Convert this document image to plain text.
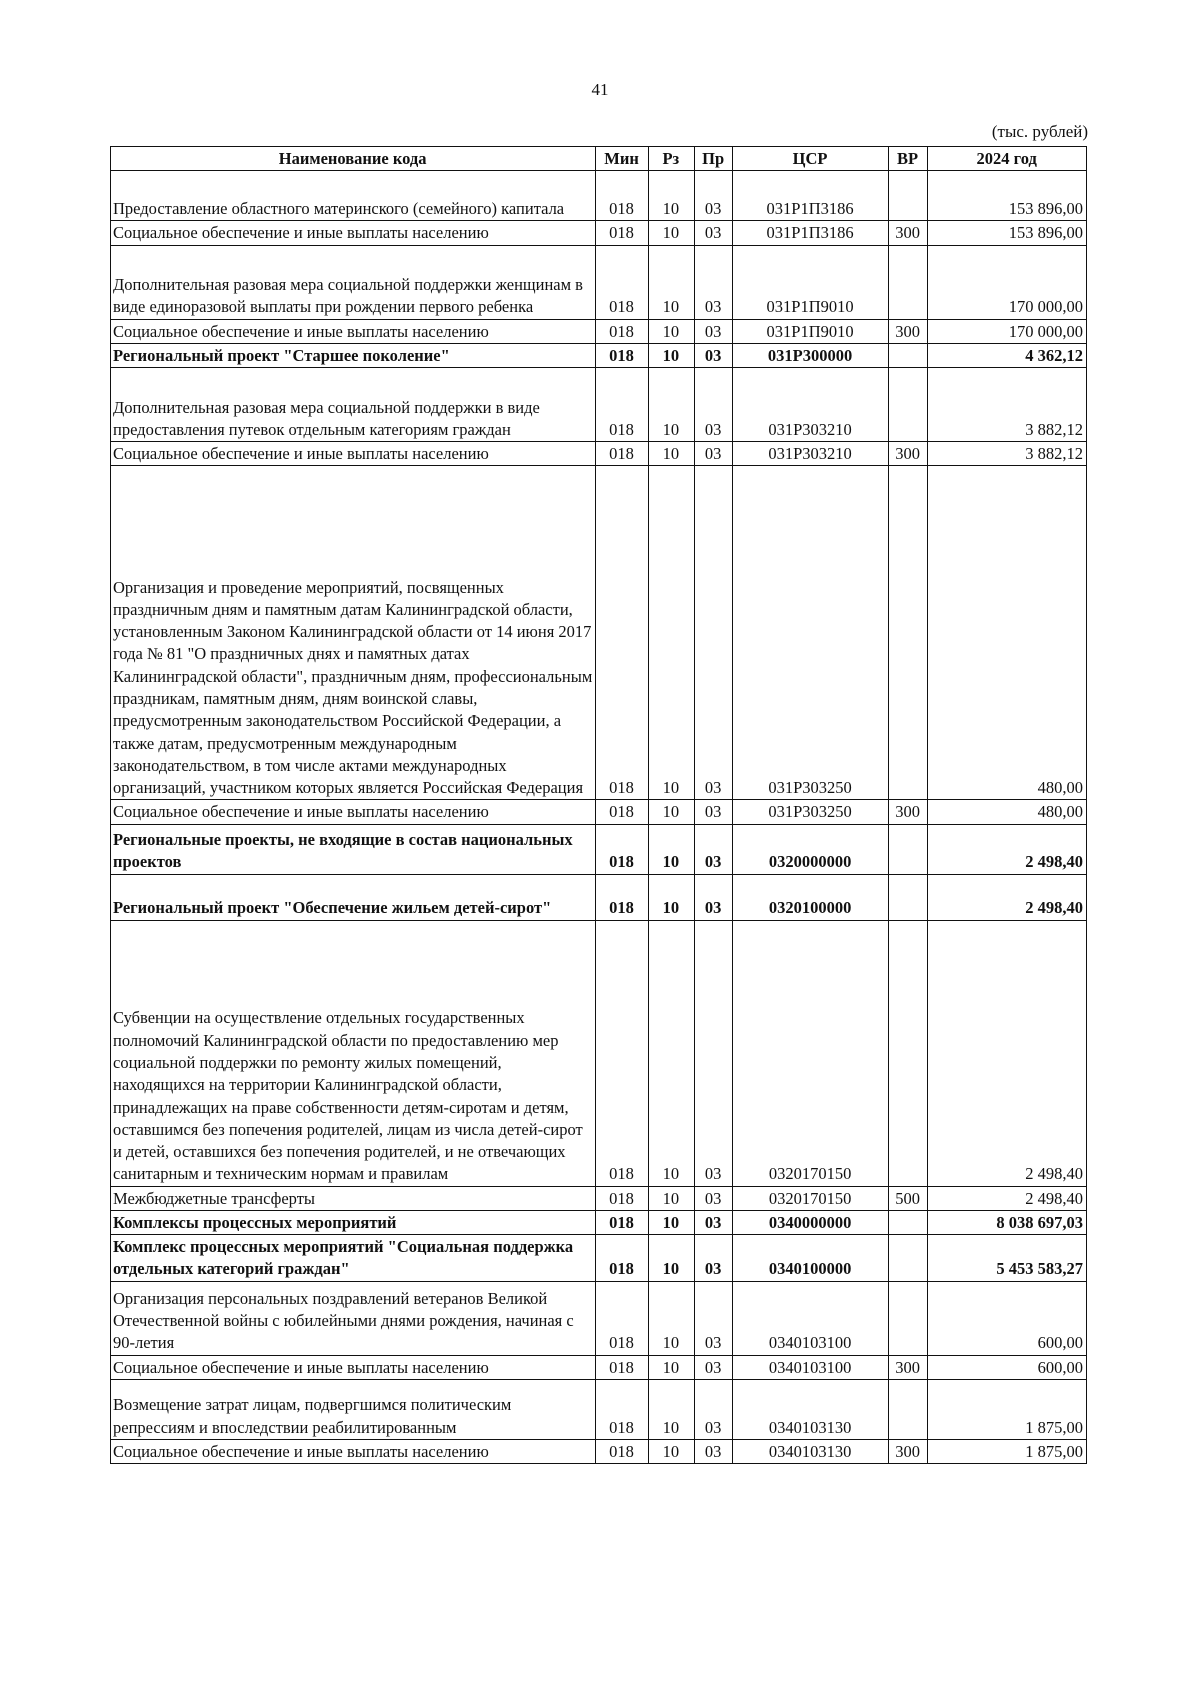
41
(тыс. рублей)
Наименование кода	Мин	Рз	Пр	ЦСР	ВР	2024 год
Предоставление областного материнского (семейного) капитала	018	10	03	031Р1П3186		153 896,00
Социальное обеспечение и иные выплаты населению	018	10	03	031Р1П3186	300	153 896,00
Дополнительная разовая мера социальной поддержки женщинам в виде единоразовой выплаты при рождении первого ребенка	018	10	03	031Р1П9010		170 000,00
Социальное обеспечение и иные выплаты населению	018	10	03	031Р1П9010	300	170 000,00
Региональный проект "Старшее поколение"	018	10	03	031Р300000		4 362,12
Дополнительная разовая мера социальной поддержки в виде предоставления путевок отдельным категориям граждан	018	10	03	031Р303210		3 882,12
Социальное обеспечение и иные выплаты населению	018	10	03	031Р303210	300	3 882,12
Организация и проведение мероприятий, посвященных праздничным дням и памятным датам Калининградской области, установленным Законом Калининградской области от 14 июня 2017 года № 81 "О праздничных днях и памятных датах Калининградской области", праздничным дням, профессиональным праздникам, памятным дням, дням воинской славы, предусмотренным законодательством Российской Федерации, а также датам, предусмотренным международным законодательством, в том числе актами международных организаций, участником которых является Российская Федерация	018	10	03	031Р303250		480,00
Социальное обеспечение и иные выплаты населению	018	10	03	031Р303250	300	480,00
Региональные проекты, не входящие в состав национальных проектов	018	10	03	0320000000		2 498,40
Региональный проект "Обеспечение жильем детей-сирот"	018	10	03	0320100000		2 498,40
Субвенции на осуществление отдельных государственных полномочий Калининградской области по предоставлению мер социальной поддержки по ремонту жилых помещений, находящихся на территории Калининградской области, принадлежащих на праве собственности детям-сиротам и детям, оставшимся без попечения родителей, лицам из числа детей-сирот и детей, оставшихся без попечения родителей, и не отвечающих санитарным и техническим нормам и правилам	018	10	03	0320170150		2 498,40
Межбюджетные трансферты	018	10	03	0320170150	500	2 498,40
Комплексы процессных мероприятий	018	10	03	0340000000		8 038 697,03
Комплекс процессных мероприятий "Социальная поддержка отдельных категорий граждан"	018	10	03	0340100000		5 453 583,27
Организация персональных поздравлений ветеранов Великой Отечественной войны с юбилейными днями рождения, начиная с 90-летия	018	10	03	0340103100		600,00
Социальное обеспечение и иные выплаты населению	018	10	03	0340103100	300	600,00
Возмещение затрат лицам, подвергшимся политическим репрессиям и впоследствии реабилитированным	018	10	03	0340103130		1 875,00
Социальное обеспечение и иные выплаты населению	018	10	03	0340103130	300	1 875,00
